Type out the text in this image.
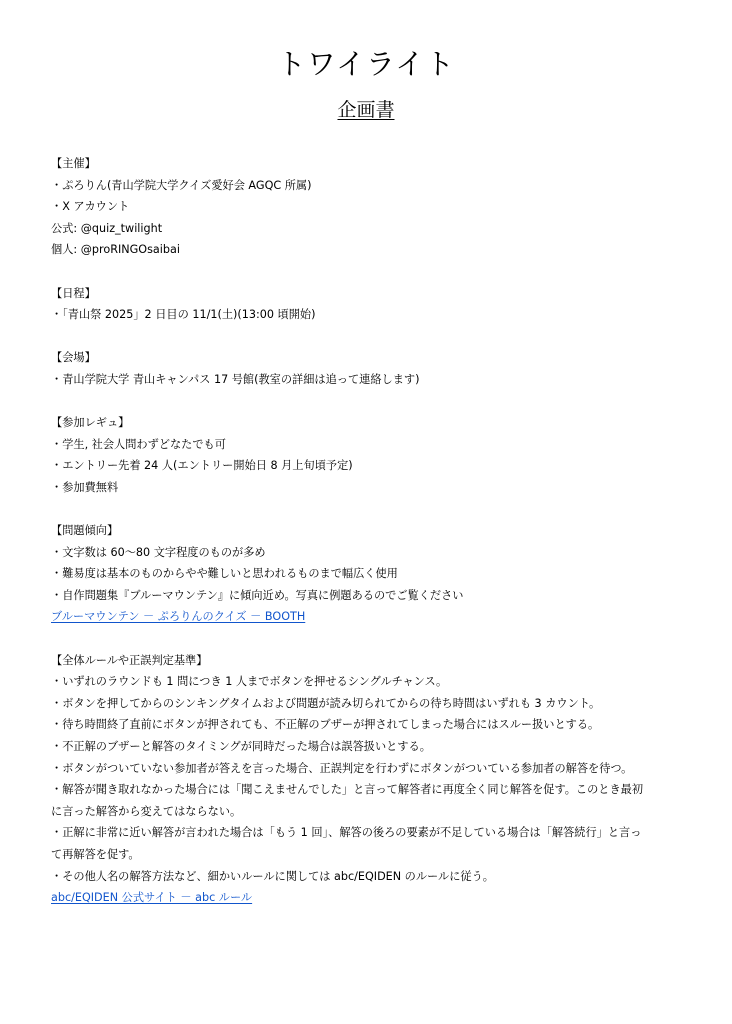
トワイライト
企画書
【主催】
・ぷろりん(青山学院大学クイズ愛好会 AGQC 所属)
・X アカウント
公式: @quiz_twilight
個人: @proRINGOsaibai
【日程】
・「青山祭 2025」2 日目の 11/1(土)(13:00 頃開始)
【会場】
・青山学院大学 青山キャンパス 17 号館(教室の詳細は追って連絡します)
【参加レギュ】
・学生, 社会人問わずどなたでも可
・エントリー先着 24 人(エントリー開始日 8 月上旬頃予定)
・参加費無料
【問題傾向】
・文字数は 60～80 文字程度のものが多め
・難易度は基本のものからやや難しいと思われるものまで幅広く使用
・自作問題集『ブルーマウンテン』に傾向近め。写真に例題あるのでご覧ください
ブルーマウンテン － ぷろりんのクイズ － BOOTH
【全体ルールや正誤判定基準】
・いずれのラウンドも 1 問につき 1 人までボタンを押せるシングルチャンス。
・ボタンを押してからのシンキングタイムおよび問題が読み切られてからの待ち時間はいずれも 3 カウント。
・待ち時間終了直前にボタンが押されても、不正解のブザーが押されてしまった場合にはスルー扱いとする。
・不正解のブザーと解答のタイミングが同時だった場合は誤答扱いとする。
・ボタンがついていない参加者が答えを言った場合、正誤判定を行わずにボタンがついている参加者の解答を待つ。
・解答が聞き取れなかった場合には「聞こえませんでした」と言って解答者に再度全く同じ解答を促す。このとき最初
に言った解答から変えてはならない。
・正解に非常に近い解答が言われた場合は「もう 1 回」、解答の後ろの要素が不足している場合は「解答続行」と言っ
て再解答を促す。
・その他人名の解答方法など、細かいルールに関しては abc/EQIDEN のルールに従う。
abc/EQIDEN 公式サイト － abc ルール
